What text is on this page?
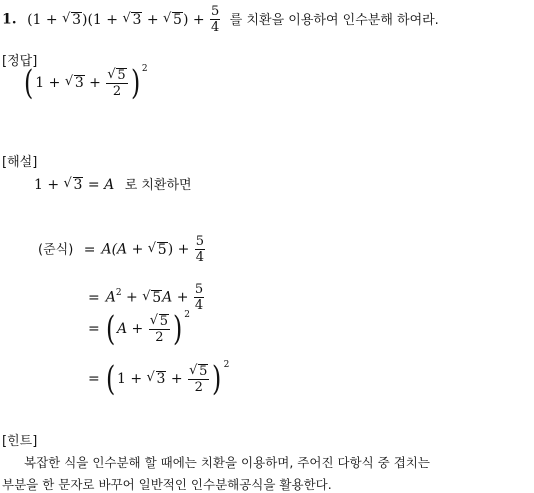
1. (1 + √ 3)(1 + √ 3 + √ $5) + \frac{5}{4}$ 를 치환을 이용하여 인수분해 하여라.
[정답]
( 1 + √ 3 + √ $\frac{5}{2}$ ) $^2$
[해설]
1 + √ 3 = A 로 치환하면
(준식) = A(A + √ $5) + \frac{5}{4}$
= $A^2$ + √ $5A + \frac{5}{4}$
= ( A + √ $\frac{5}{2}$ ) $^2$
= ( 1 + √ 3 + √ $\frac{5}{2}$ ) $^2$
[힌트]
복잡한 식을 인수분해 할 때에는 치환을 이용하며, 주어진 다항식 중 겹치는
부분을 한 문자로 바꾸어 일반적인 인수분해공식을 활용한다.
